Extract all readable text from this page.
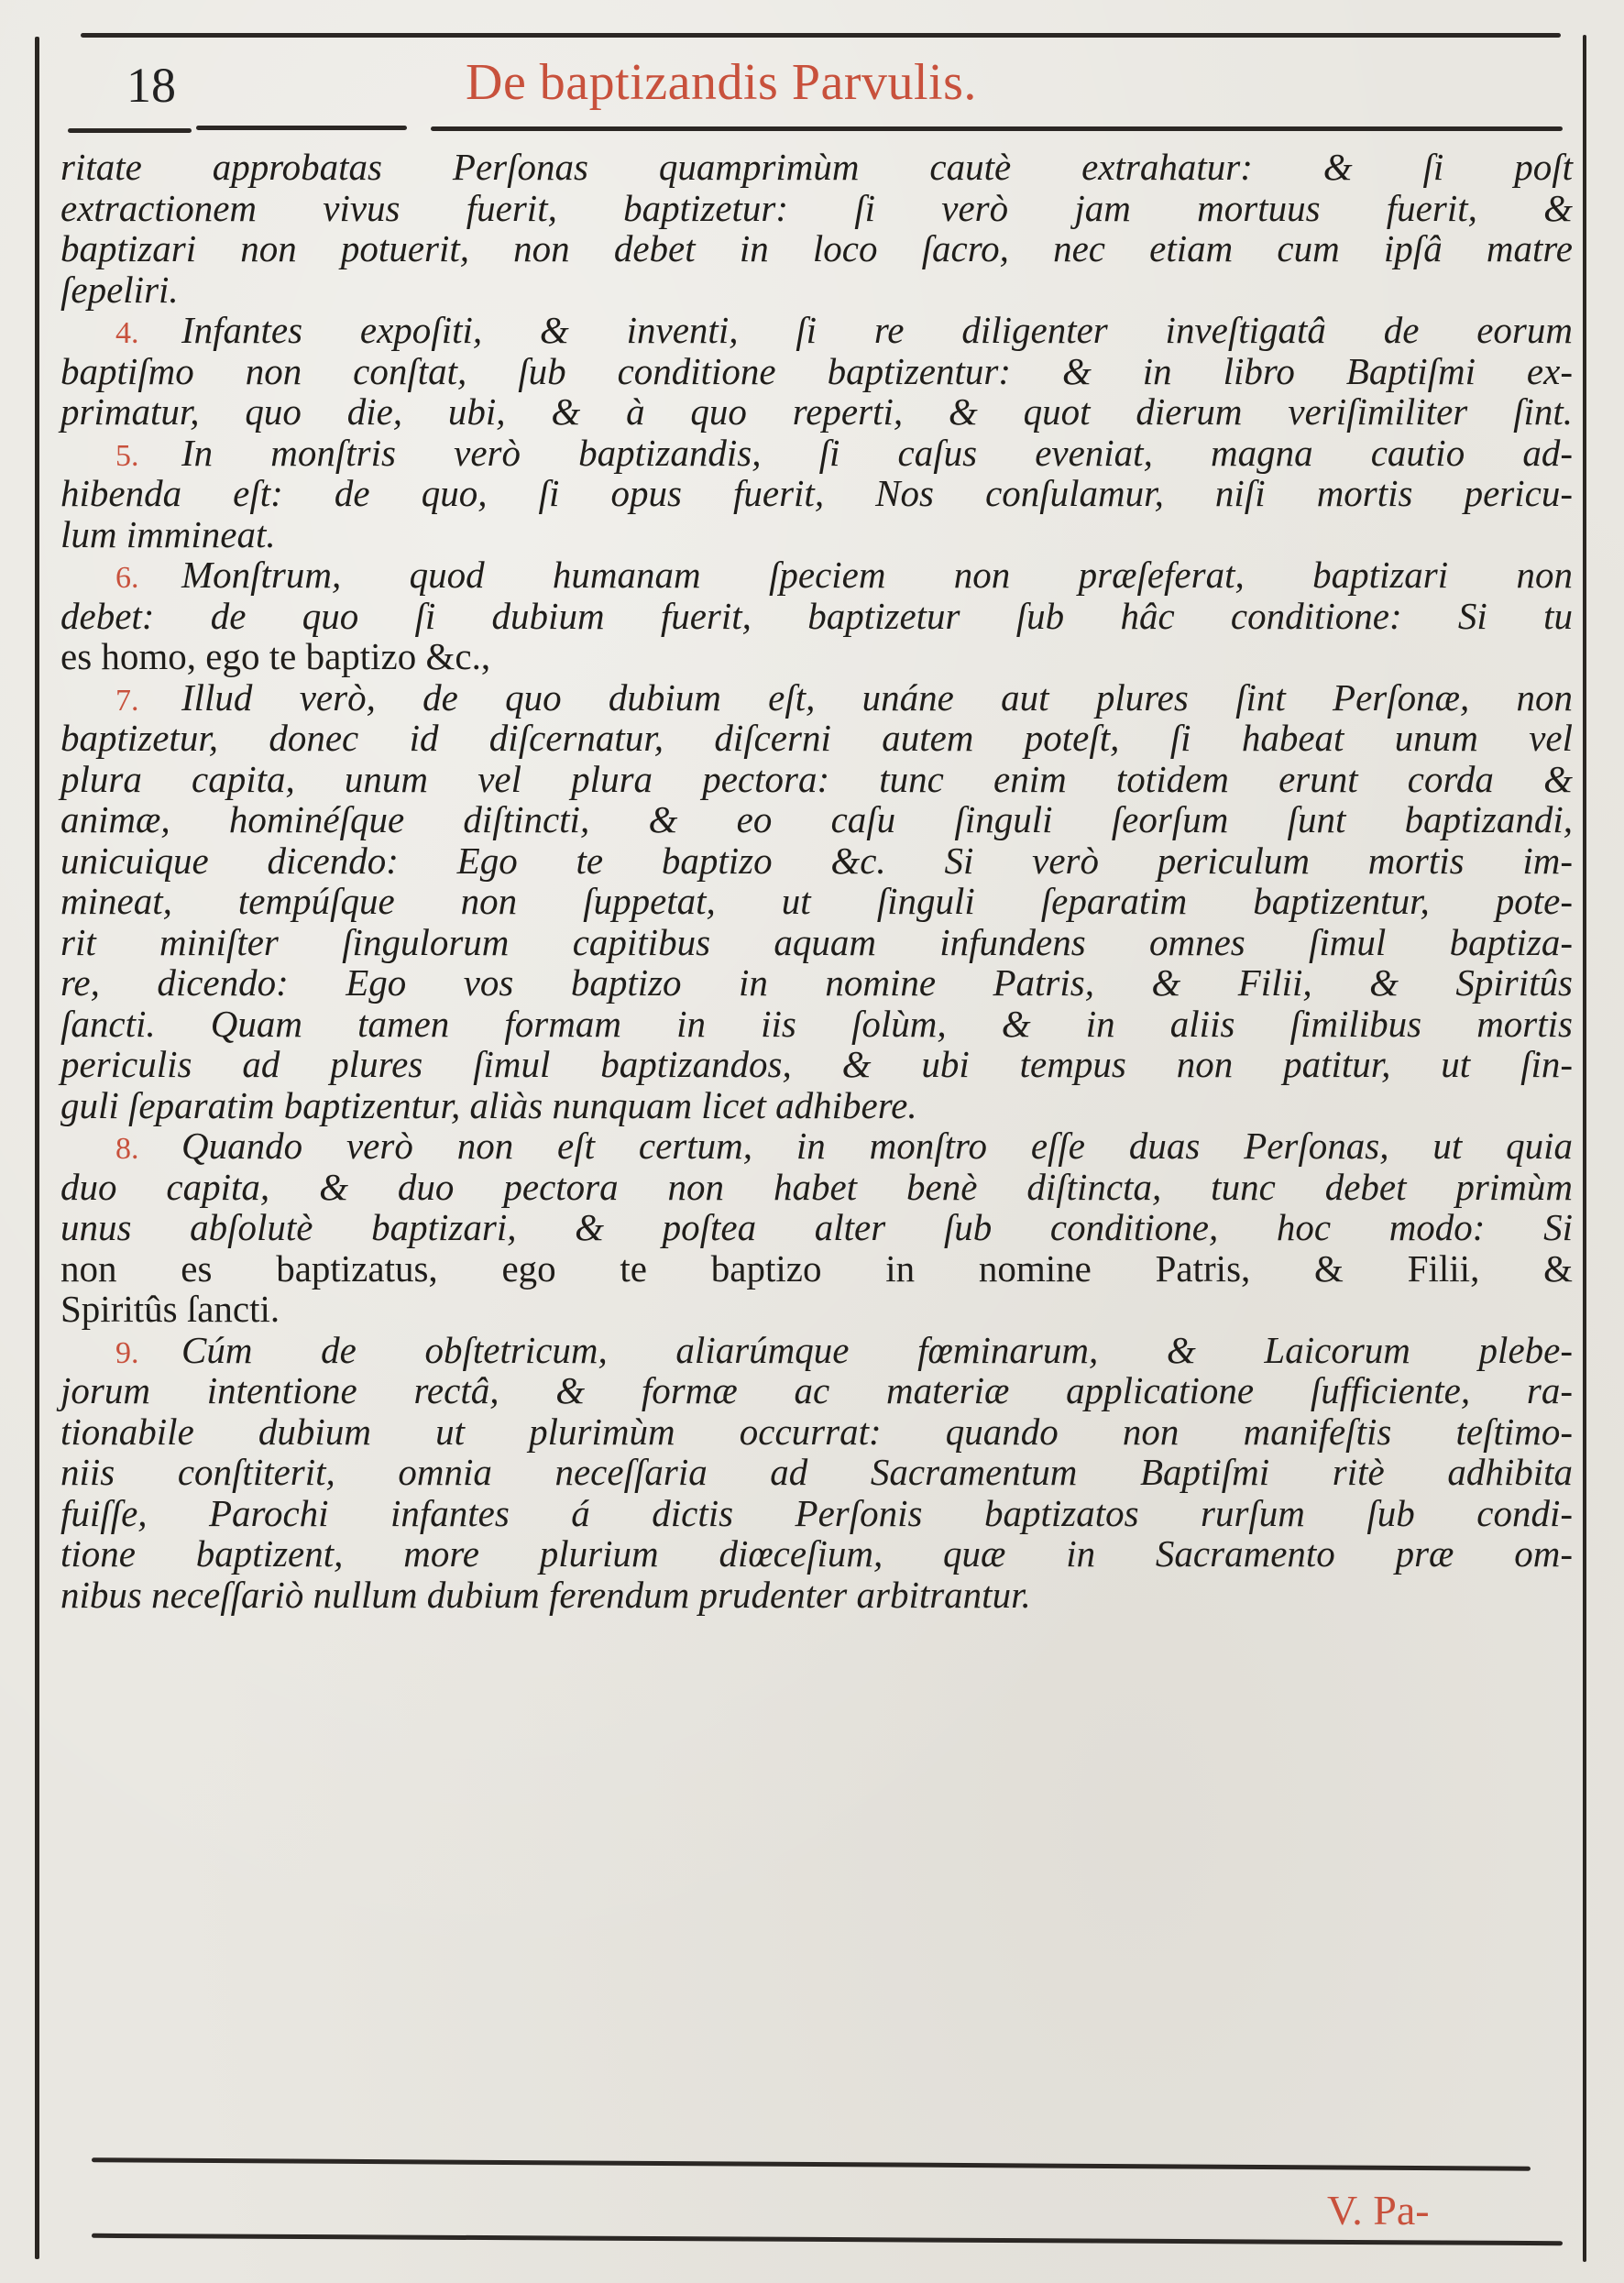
18	De baptizandis Parvulis.
ritate approbatas Perſonas quamprimùm cautè extrahatur: & ſi poſt
extractionem vivus fuerit, baptizetur: ſi verò jam mortuus fuerit, &
baptizari non potuerit, non debet in loco ſacro, nec etiam cum ipſâ matre
ſepeliri.
4. Infantes expoſiti, & inventi, ſi re diligenter inveſtigatâ de eorum
baptiſmo non conſtat, ſub conditione baptizentur: & in libro Baptiſmi ex-
primatur, quo die, ubi, & à quo reperti, & quot dierum veriſimiliter ſint.
5. In monſtris verò baptizandis, ſi caſus eveniat, magna cautio ad-
hibenda eſt: de quo, ſi opus fuerit, Nos conſulamur, niſi mortis pericu-
lum immineat.
6. Monſtrum, quod humanam ſpeciem non præſeferat, baptizari non
debet: de quo ſi dubium fuerit, baptizetur ſub hâc conditione: Si tu
es homo, ego te baptizo &c.,
7. Illud verò, de quo dubium eſt, unáne aut plures ſint Perſonæ, non
baptizetur, donec id diſcernatur, diſcerni autem poteſt, ſi habeat unum vel
plura capita, unum vel plura pectora: tunc enim totidem erunt corda &
animæ, hominéſque diſtincti, & eo caſu ſinguli ſeorſum ſunt baptizandi,
unicuique dicendo: Ego te baptizo &c. Si verò periculum mortis im-
mineat, tempúſque non ſuppetat, ut ſinguli ſeparatim baptizentur, pote-
rit miniſter ſingulorum capitibus aquam infundens omnes ſimul baptiza-
re, dicendo: Ego vos baptizo in nomine Patris, & Filii, & Spiritûs
ſancti. Quam tamen formam in iis ſolùm, & in aliis ſimilibus mortis
periculis ad plures ſimul baptizandos, & ubi tempus non patitur, ut ſin-
guli ſeparatim baptizentur, aliàs nunquam licet adhibere.
8. Quando verò non eſt certum, in monſtro eſſe duas Perſonas, ut quia
duo capita, & duo pectora non habet benè diſtincta, tunc debet primùm
unus abſolutè baptizari, & poſtea alter ſub conditione, hoc modo: Si
non es baptizatus, ego te baptizo in nomine Patris, & Filii, &
Spiritûs ſancti.
9. Cúm de obſtetricum, aliarúmque fœminarum, & Laicorum plebe-
jorum intentione rectâ, & formæ ac materiæ applicatione ſufficiente, ra-
tionabile dubium ut plurimùm occurrat: quando non manifeſtis teſtimo-
niis conſtiterit, omnia neceſſaria ad Sacramentum Baptiſmi ritè adhibita
fuiſſe, Parochi infantes á dictis Perſonis baptizatos rurſum ſub condi-
tione baptizent, more plurium diœceſium, quæ in Sacramento præ om-
nibus neceſſariò nullum dubium ferendum prudenter arbitrantur.
V. Pa-
